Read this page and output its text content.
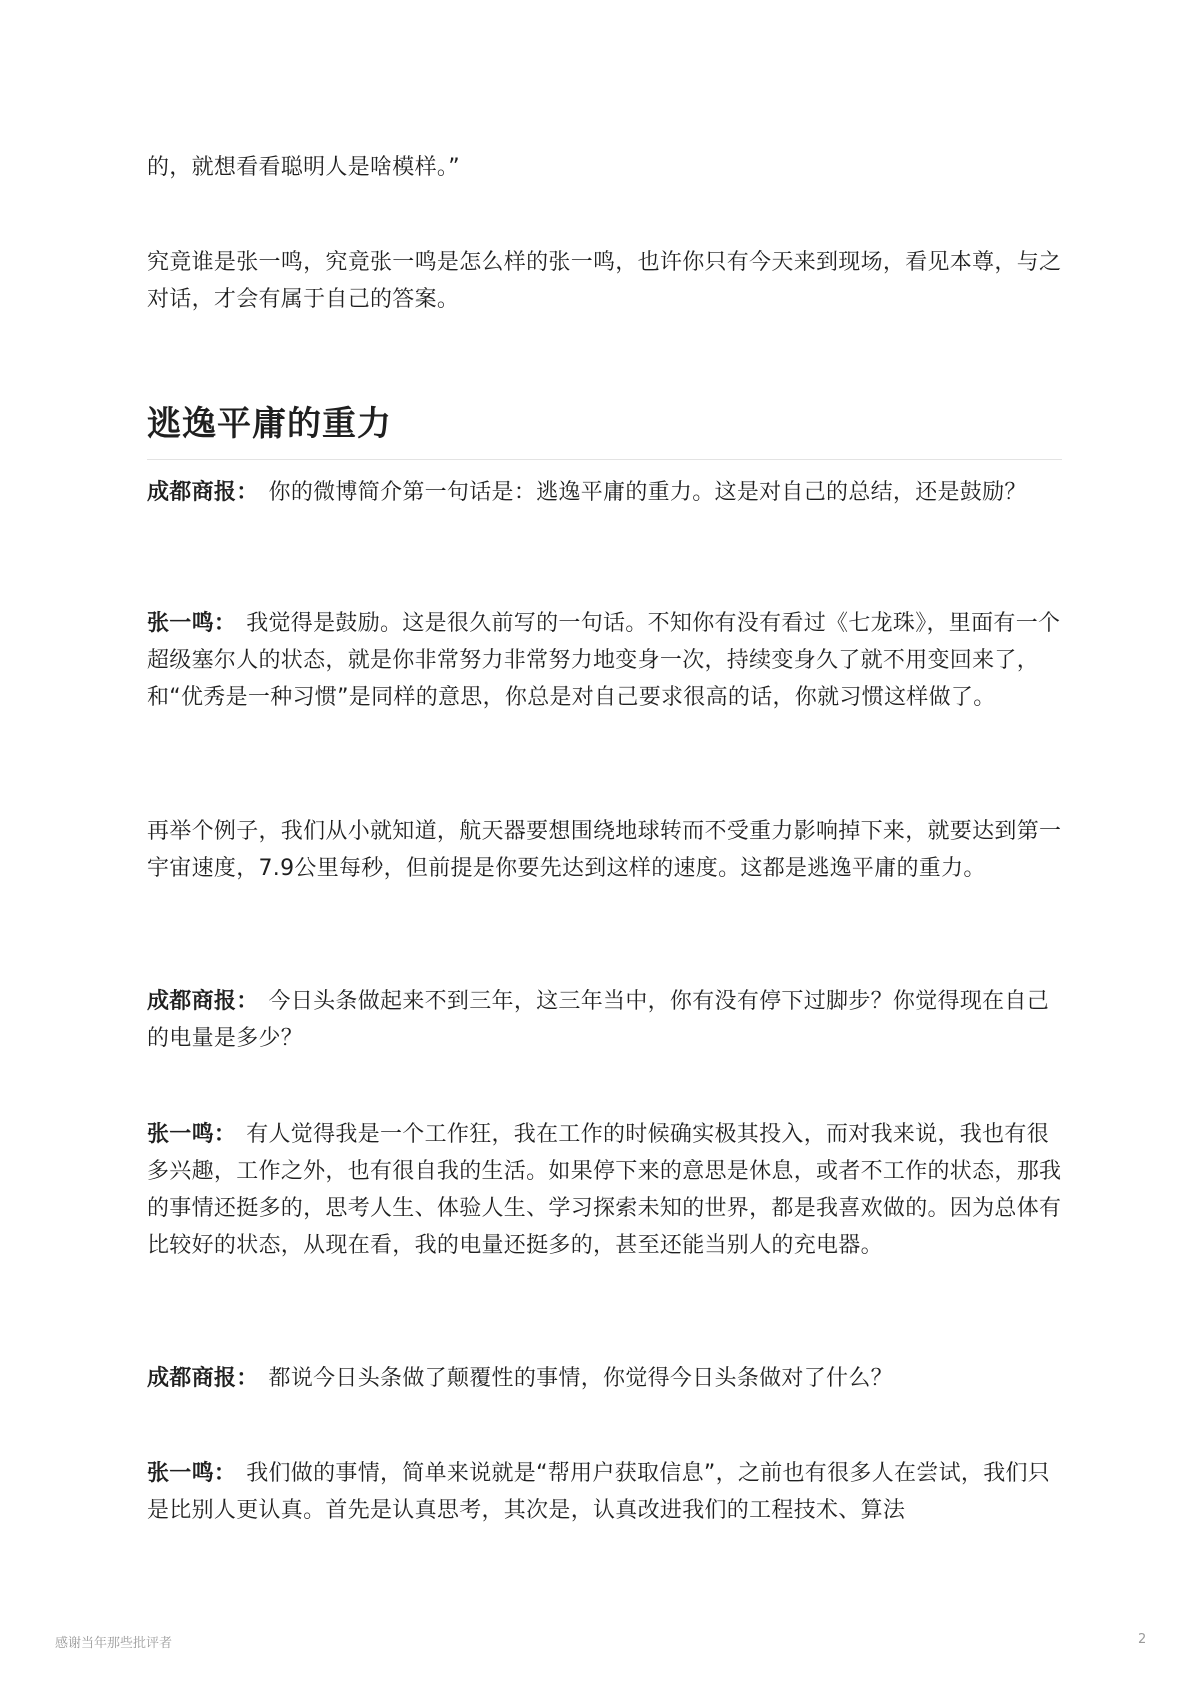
的，就想看看聪明人是啥模样。”

究竟谁是张一鸣，究竟张一鸣是怎么样的张一鸣，也许你只有今天来到现场，看见本尊，与之对话，才会有属于自己的答案。

逃逸平庸的重力

成都商报： 你的微博简介第一句话是：逃逸平庸的重力。这是对自己的总结，还是鼓励？

张一鸣： 我觉得是鼓励。这是很久前写的一句话。不知你有没有看过《七龙珠》，里面有一个超级塞尔人的状态，就是你非常努力非常努力地变身一次，持续变身久了就不用变回来了，和“优秀是一种习惯”是同样的意思，你总是对自己要求很高的话，你就习惯这样做了。

再举个例子，我们从小就知道，航天器要想围绕地球转而不受重力影响掉下来，就要达到第一宇宙速度，7.9公里每秒，但前提是你要先达到这样的速度。这都是逃逸平庸的重力。

成都商报： 今日头条做起来不到三年，这三年当中，你有没有停下过脚步？你觉得现在自己的电量是多少？

张一鸣： 有人觉得我是一个工作狂，我在工作的时候确实极其投入，而对我来说，我也有很多兴趣，工作之外，也有很自我的生活。如果停下来的意思是休息，或者不工作的状态，那我的事情还挺多的，思考人生、体验人生、学习探索未知的世界，都是我喜欢做的。因为总体有比较好的状态，从现在看，我的电量还挺多的，甚至还能当别人的充电器。

成都商报： 都说今日头条做了颠覆性的事情，你觉得今日头条做对了什么？

张一鸣： 我们做的事情，简单来说就是“帮用户获取信息”，之前也有很多人在尝试，我们只是比别人更认真。首先是认真思考，其次是，认真改进我们的工程技术、算法

感谢当年那些批评者	2
